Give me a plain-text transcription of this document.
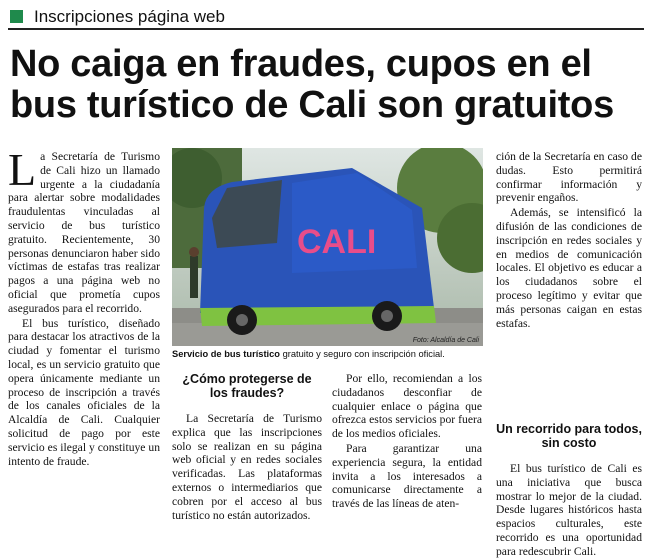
Inscripciones página web
No caiga en fraudes, cupos en el
bus turístico de Cali son gratuitos

La Secretaría de Turismo de Cali hizo un llamado urgente a la ciudadanía para alertar sobre modalidades fraudulentas vinculadas al servicio de bus turístico gratuito. Recientemente, 30 personas denunciaron haber sido víctimas de estafas tras realizar pagos a una página web no oficial que prometía cupos asegurados para el recorrido.

El bus turístico, diseñado para destacar los atractivos de la ciudad y fomentar el turismo local, es un servicio gratuito que opera únicamente mediante un proceso de inscripción a través de los canales oficiales de la Alcaldía de Cali. Cualquier solicitud de pago por este servicio es ilegal y constituye un intento de fraude.

CALI
Foto: Alcaldía de Cali
Servicio de bus turístico gratuito y seguro con inscripción oficial.
¿Cómo protegerse de los fraudes?

La Secretaría de Turismo explica que las inscripciones solo se realizan en su página web oficial y en redes sociales verificadas. Las plataformas externos o intermediarios que cobren por el acceso al bus turístico no están autorizados.

Por ello, recomiendan a los ciudadanos desconfiar de cualquier enlace o página que ofrezca estos servicios por fuera de los medios oficiales.

Para garantizar una experiencia segura, la entidad invita a los interesados a comunicarse directamente a través de las líneas de aten-

ción de la Secretaría en caso de dudas. Esto permitirá confirmar información y prevenir engaños.

Además, se intensificó la difusión de las condiciones de inscripción en redes sociales y en medios de comunicación locales. El objetivo es educar a los ciudadanos sobre el proceso legítimo y evitar que más personas caigan en estas estafas.

Un recorrido para todos, sin costo

El bus turístico de Cali es una iniciativa que busca mostrar lo mejor de la ciudad. Desde lugares históricos hasta espacios culturales, este recorrido es una oportunidad para redescubrir Cali.
